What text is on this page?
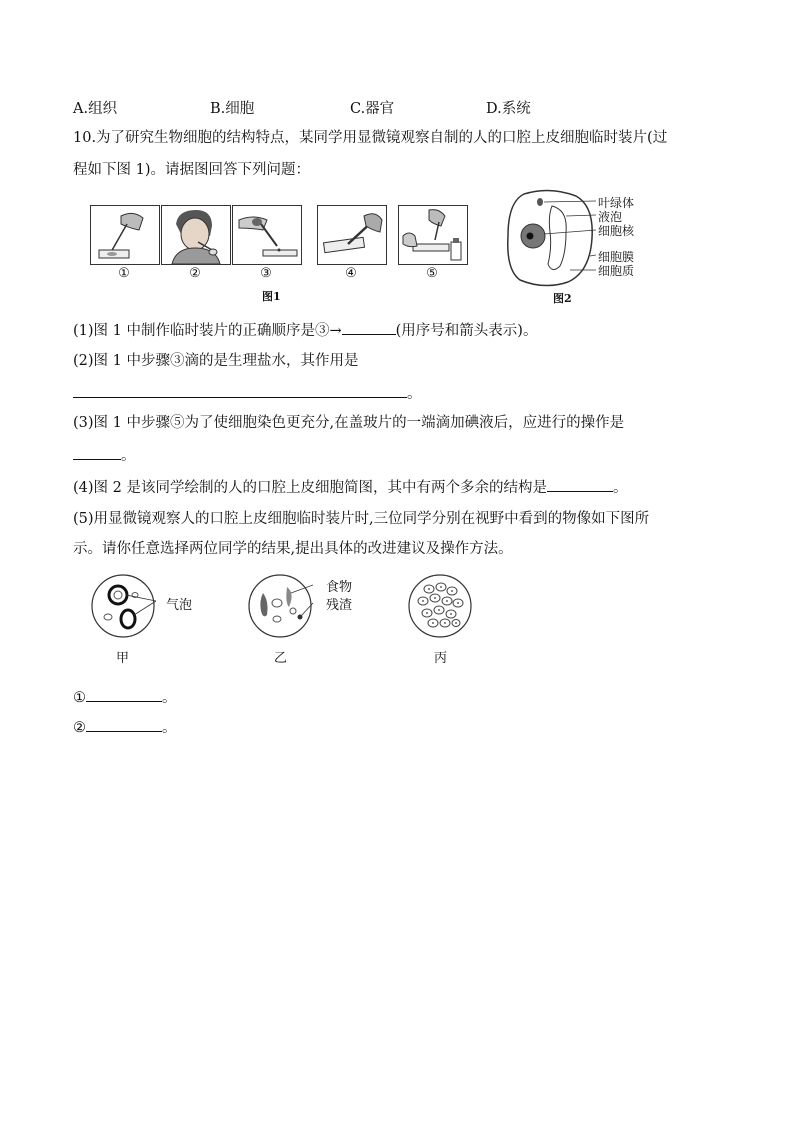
A.组织	B.细胞	C.器官	D.系统
10.为了研究生物细胞的结构特点，某同学用显微镜观察自制的人的口腔上皮细胞临时装片(过
程如下图 1)。请据图回答下列问题：
①	②	③	④	⑤
图1
叶绿体
液泡
细胞核
细胞膜
细胞质
图2
(1)图 1 中制作临时装片的正确顺序是③→	(用序号和箭头表示)。
(2)图 1 中步骤③滴的是生理盐水，其作用是
。
(3)图 1 中步骤⑤为了使细胞染色更充分,在盖玻片的一端滴加碘液后，应进行的操作是
。
(4)图 2 是该同学绘制的人的口腔上皮细胞简图，其中有两个多余的结构是	。
(5)用显微镜观察人的口腔上皮细胞临时装片时,三位同学分别在视野中看到的物像如下图所
示。请你任意选择两位同学的结果,提出具体的改进建议及操作方法。
气泡
甲
食物
残渣
乙	丙
①	。
②	。
